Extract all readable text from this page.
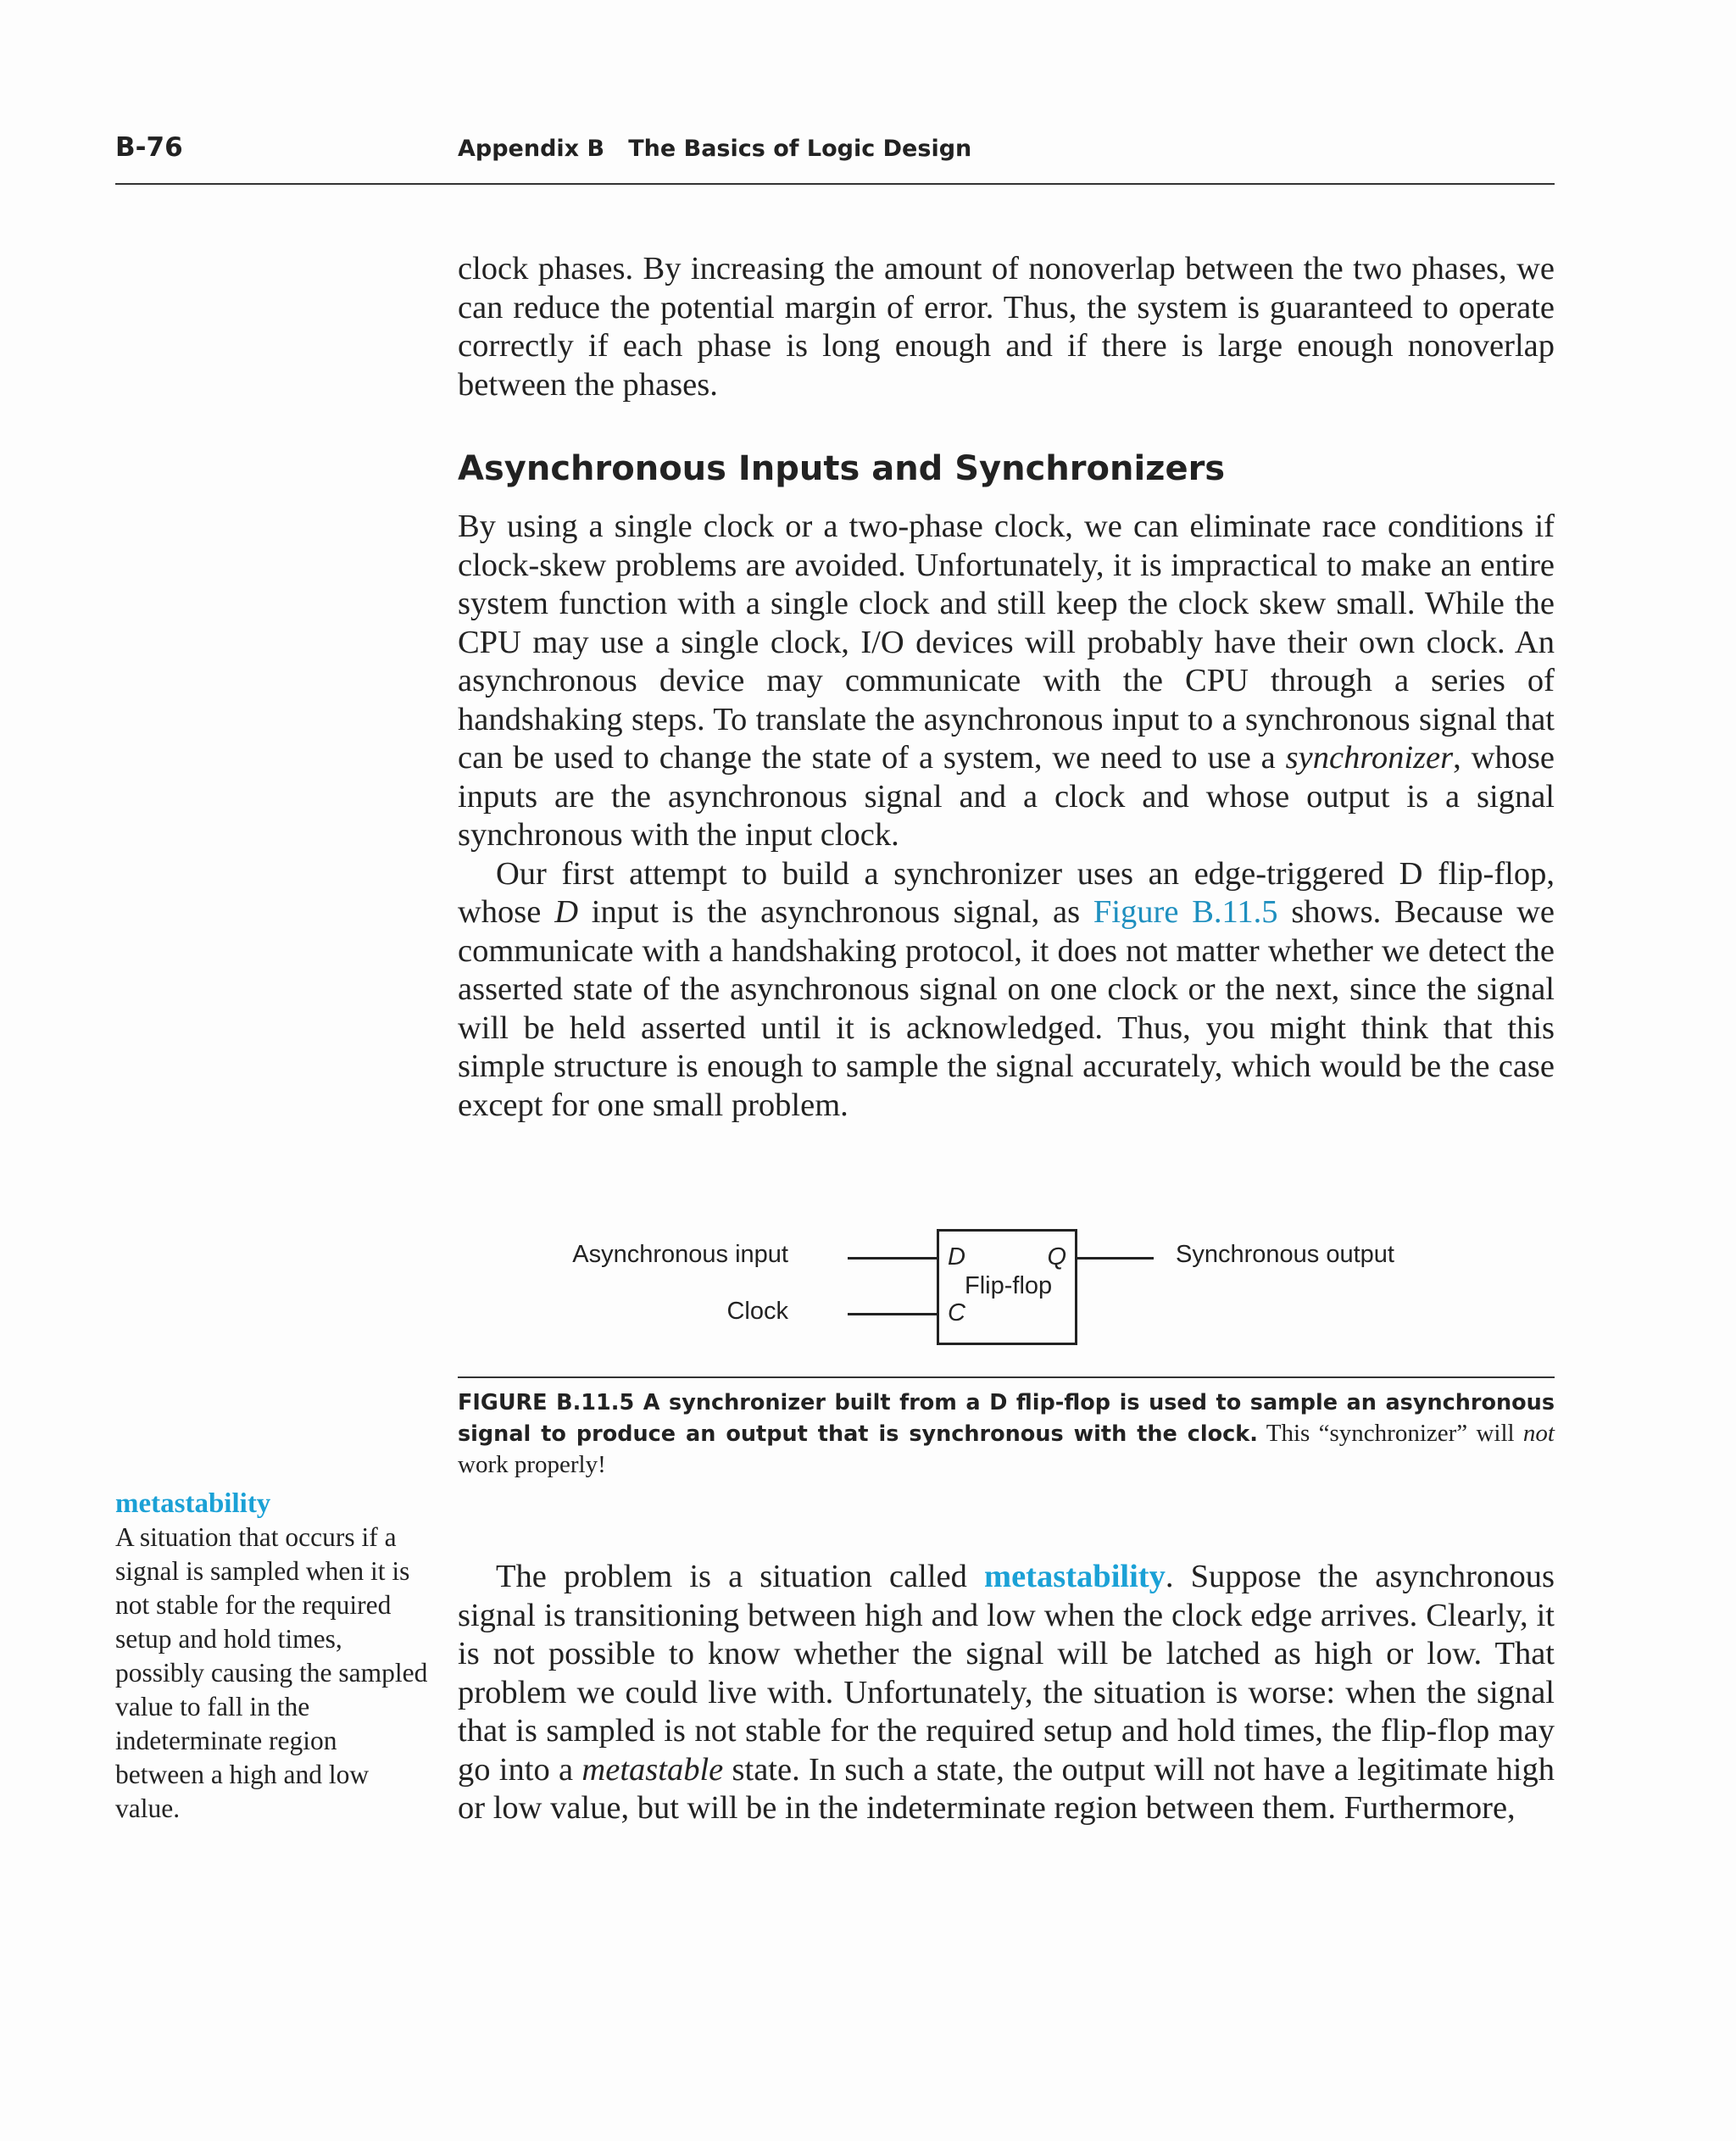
B-76	Appendix B   The Basics of Logic Design

clock phases. By increasing the amount of nonoverlap between the two phases, we can reduce the potential margin of error. Thus, the system is guaranteed to operate correctly if each phase is long enough and if there is large enough nonoverlap between the phases.

Asynchronous Inputs and Synchronizers

By using a single clock or a two-phase clock, we can eliminate race conditions if clock-skew problems are avoided. Unfortunately, it is impractical to make an entire system function with a single clock and still keep the clock skew small. While the CPU may use a single clock, I/O devices will probably have their own clock. An asynchronous device may communicate with the CPU through a series of handshaking steps. To translate the asynchronous input to a synchronous signal that can be used to change the state of a system, we need to use a synchronizer, whose inputs are the asynchronous signal and a clock and whose output is a signal synchronous with the input clock.

Our first attempt to build a synchronizer uses an edge-triggered D flip-flop, whose D input is the asynchronous signal, as Figure B.11.5 shows. Because we communicate with a handshaking protocol, it does not matter whether we detect the asserted state of the asynchronous signal on one clock or the next, since the signal will be held asserted until it is acknowledged. Thus, you might think that this simple structure is enough to sample the signal accurately, which would be the case except for one small problem.

Asynchronous input
Clock
D	Q
Flip-flop
C
Synchronous output
FIGURE B.11.5 A synchronizer built from a D flip-flop is used to sample an asynchronous signal to produce an output that is synchronous with the clock. This “synchronizer” will not work properly!
metastability
A situation that occurs if a signal is sampled when it is not stable for the required setup and hold times, possibly causing the sampled value to fall in the indeterminate region between a high and low value.

The problem is a situation called metastability. Suppose the asynchronous signal is transitioning between high and low when the clock edge arrives. Clearly, it is not possible to know whether the signal will be latched as high or low. That problem we could live with. Unfortunately, the situation is worse: when the signal that is sampled is not stable for the required setup and hold times, the flip-flop may go into a metastable state. In such a state, the output will not have a legitimate high or low value, but will be in the indeterminate region between them. Furthermore,
